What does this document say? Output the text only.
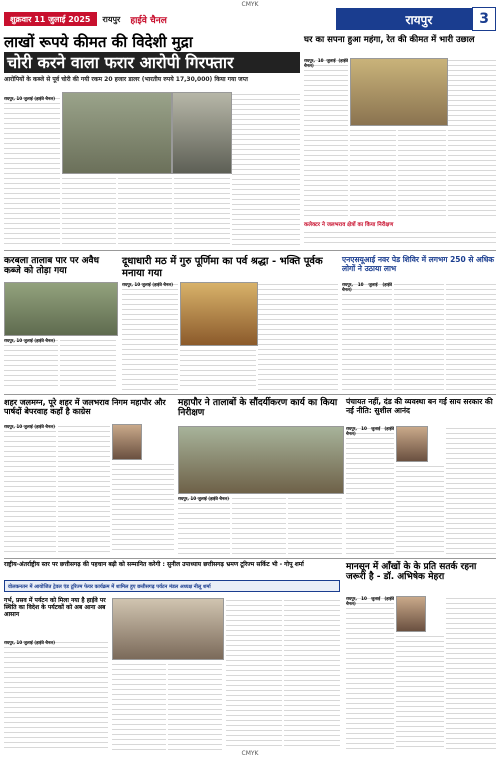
CMYK
शुक्रवार 11 जुलाई 2025 रायपुर हाईवे चैनल	रायपुर	3
लाखों रूपये कीमत की विदेशी मुद्रा
चोरी करने वाला फरार आरोपी गिरफ्तार
आरोपियों के कब्जे से पूर्व चोरी की गयी रकम 20 हजार डालर (भारतीय रुपये 17,30,000) किया गया जप्त
रायपुर, 10 जुलाई (हाईवे चैनल)
घर का सपना हुआ महंगा, रेत की कीमत में भारी उछाल
रायपुर, 10 जुलाई (हाईवे चैनल)
कलेक्टर ने जलभराव क्षेत्रों का किया निरीक्षण
करबला तालाब पार पर अवैध कब्जे को तोड़ा गया
रायपुर, 10 जुलाई (हाईवे चैनल)
दूधाधारी मठ में गुरु पूर्णिमा का पर्व श्रद्धा - भक्ति पूर्वक मनाया गया
रायपुर, 10 जुलाई (हाईवे चैनल)
एनएसयूआई नवर पेड शिविर में लगभग 250 से अधिक लोगों ने उठाया लाभ
रायपुर, 10 जुलाई (हाईवे चैनल)
शहर जलमग्न, पूरे शहर में जलभराव निगम महापौर और पार्षदों बेपरवाह कहाँ है काग्रेस
रायपुर, 10 जुलाई (हाईवे चैनल)
महापौर ने तालाबों के सौंदर्यीकरण कार्य का किया निरीक्षण
रायपुर, 10 जुलाई (हाईवे चैनल)
पंचायत नहीं, दंड की व्यवस्था बन गई साय सरकार की नई नीति: सुशील आनंद
रायपुर, 10 जुलाई (हाईवे चैनल)
राष्ट्रीय-अंतर्राष्ट्रीय स्तर पर छत्तीसगढ़ की पहचान बढ़ी को सम्मानित करेगी : सुनील उपाध्याय छत्तीसगढ़ भ्रमण टूरिज्म सर्किट भी - गोपू शर्मा
वोलकनतन में आयोजित ट्रेवल एंड टूरिज्म फेयर कार्यक्रम में शामिल हुए छत्तीसगढ़ पर्यटन मंडल अध्यक्ष नीलू शर्मा
गर्भ, प्रसव में पर्यटन को मिला नया है हाईवे पर स्थिति का विदेश के पर्यटकों को अब आना अब आसान
रायपुर, 10 जुलाई (हाईवे चैनल)
मानसून में आँखों के के प्रति सतर्क रहना जरूरी है - डॉ. अभिषेक मेहरा
रायपुर, 10 जुलाई (हाईवे चैनल)
CMYK
